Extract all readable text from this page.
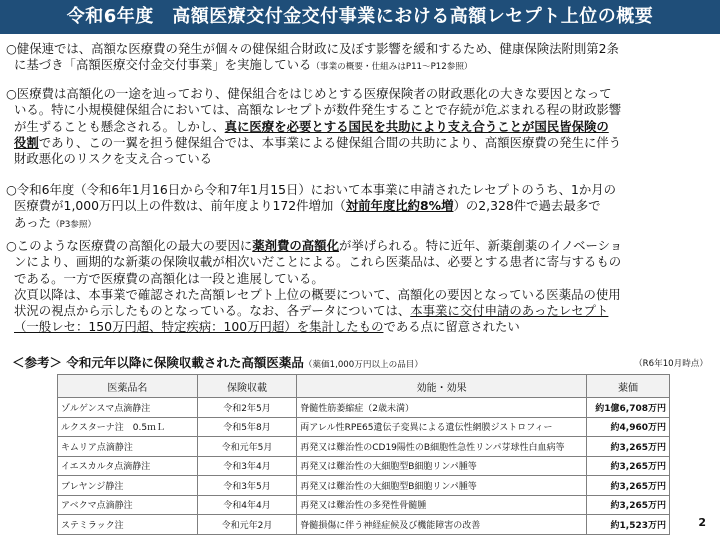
令和6年度　高額医療交付金交付事業における高額レセプト上位の概要
○健保連では、高額な医療費の発生が個々の健保組合財政に及ぼす影響を緩和するため、健康保険法附則第2条
に基づき「高額医療交付金交付事業」を実施している（事業の概要・仕組みはP11～P12参照）
○医療費は高額化の一途を辿っており、健保組合をはじめとする医療保険者の財政悪化の大きな要因となって
いる。特に小規模健保組合においては、高額なレセプトが数件発生することで存続が危ぶまれる程の財政影響
が生ずることも懸念される。しかし、真に医療を必要とする国民を共助により支え合うことが国民皆保険の
役割であり、この一翼を担う健保組合では、本事業による健保組合間の共助により、高額医療費の発生に伴う
財政悪化のリスクを支え合っている
○令和6年度（令和6年1月16日から令和7年1月15日）において本事業に申請されたレセプトのうち、1か月の
医療費が1,000万円以上の件数は、前年度より172件増加（対前年度比約8%増）の2,328件で過去最多で
あった（P3参照）
○このような医療費の高額化の最大の要因に薬剤費の高額化が挙げられる。特に近年、新薬創薬のイノベーショ
ンにより、画期的な新薬の保険収載が相次いだことによる。これら医薬品は、必要とする患者に寄与するもの
である。一方で医療費の高額化は一段と進展している。
次頁以降は、本事業で確認された高額レセプト上位の概要について、高額化の要因となっている医薬品の使用
状況の視点から示したものとなっている。なお、各データについては、本事業に交付申請のあったレセプト
（一般レセ：150万円超、特定疾病：100万円超）を集計したものである点に留意されたい
＜参考＞ 令和元年以降に保険収載された高額医薬品（薬価1,000万円以上の品目）	（R6年10月時点）
医薬品名	保険収載	効能・効果	薬価
ゾルゲンスマ点滴静注	令和2年5月	脊髄性筋萎縮症（2歳未満）	約1億6,708万円
ルクスターナ注　0.5ｍＬ	令和5年8月	両アレル性RPE65遺伝子変異による遺伝性網膜ジストロフィー	約4,960万円
キムリア点滴静注	令和元年5月	再発又は難治性のCD19陽性のB細胞性急性リンパ芽球性白血病等	約3,265万円
イエスカルタ点滴静注	令和3年4月	再発又は難治性の大細胞型B細胞リンパ腫等	約3,265万円
ブレヤンジ静注	令和3年5月	再発又は難治性の大細胞型B細胞リンパ腫等	約3,265万円
アベクマ点滴静注	令和4年4月	再発又は難治性の多発性骨髄腫	約3,265万円
ステミラック注	令和元年2月	脊髄損傷に伴う神経症候及び機能障害の改善	約1,523万円	2
